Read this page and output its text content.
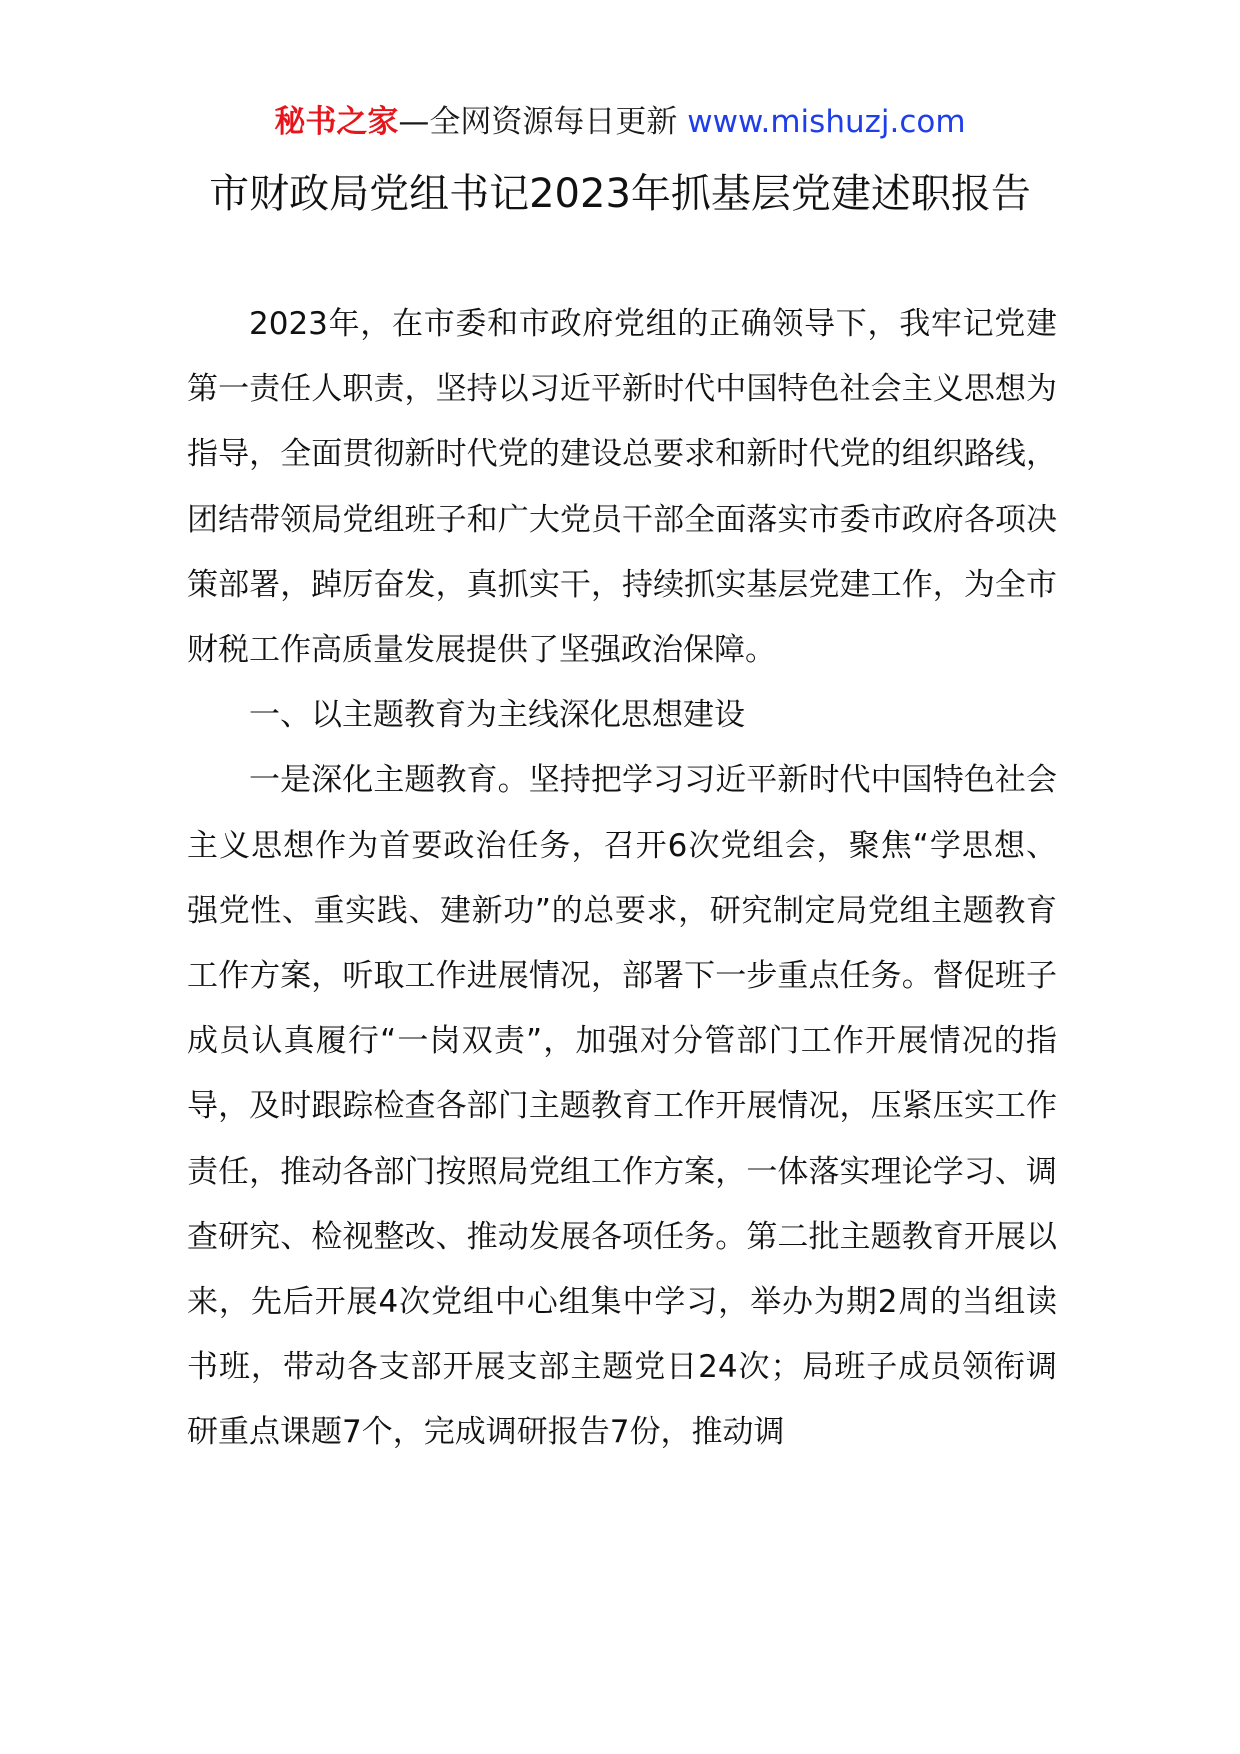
秘书之家—全网资源每日更新 www.mishuzj.com
市财政局党组书记2023年抓基层党建述职报告

2023年，在市委和市政府党组的正确领导下，我牢记党建第一责任人职责，坚持以习近平新时代中国特色社会主义思想为指导，全面贯彻新时代党的建设总要求和新时代党的组织路线，团结带领局党组班子和广大党员干部全面落实市委市政府各项决策部署，踔厉奋发，真抓实干，持续抓实基层党建工作，为全市财税工作高质量发展提供了坚强政治保障。

一、以主题教育为主线深化思想建设

一是深化主题教育。坚持把学习习近平新时代中国特色社会主义思想作为首要政治任务，召开6次党组会，聚焦“学思想、强党性、重实践、建新功”的总要求，研究制定局党组主题教育工作方案，听取工作进展情况，部署下一步重点任务。督促班子成员认真履行“一岗双责”，加强对分管部门工作开展情况的指导，及时跟踪检查各部门主题教育工作开展情况，压紧压实工作责任，推动各部门按照局党组工作方案，一体落实理论学习、调查研究、检视整改、推动发展各项任务。第二批主题教育开展以来，先后开展4次党组中心组集中学习，举办为期2周的当组读书班，带动各支部开展支部主题党日24次；局班子成员领衔调研重点课题7个，完成调研报告7份，推动调
